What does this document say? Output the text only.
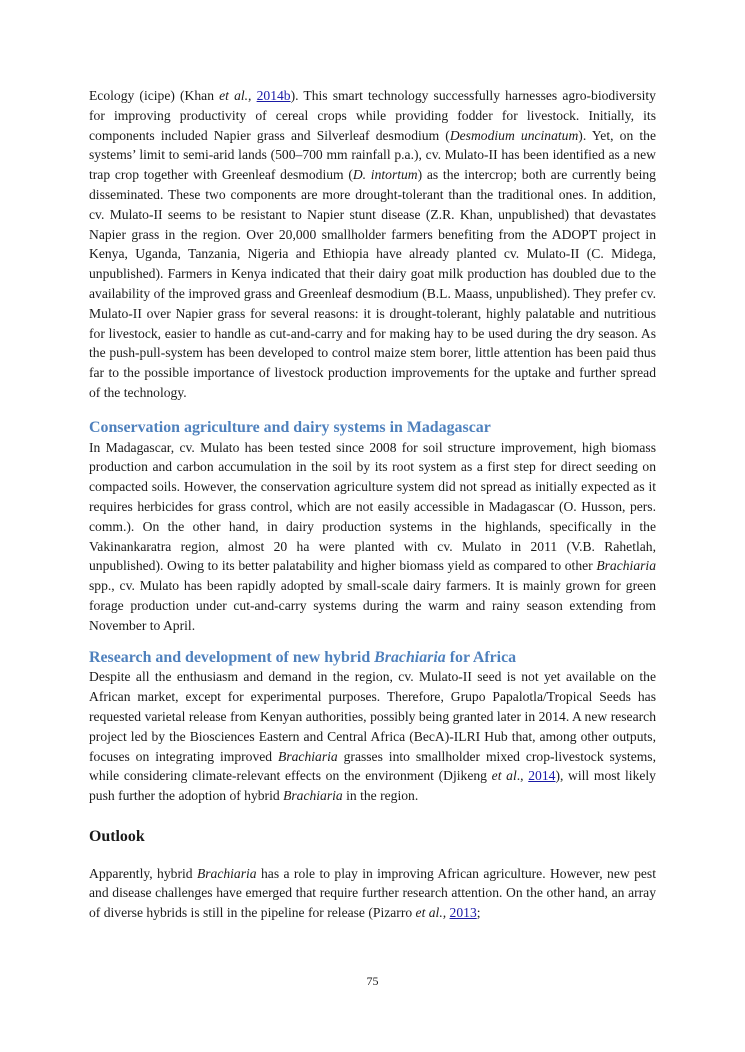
Ecology (icipe) (Khan et al., 2014b). This smart technology successfully harnesses agro-biodiversity for improving productivity of cereal crops while providing fodder for livestock. Initially, its components included Napier grass and Silverleaf desmodium (Desmodium uncinatum). Yet, on the systems’ limit to semi-arid lands (500–700 mm rainfall p.a.), cv. Mulato-II has been identified as a new trap crop together with Greenleaf desmodium (D. intortum) as the intercrop; both are currently being disseminated. These two components are more drought-tolerant than the traditional ones. In addition, cv. Mulato-II seems to be resistant to Napier stunt disease (Z.R. Khan, unpublished) that devastates Napier grass in the region. Over 20,000 smallholder farmers benefiting from the ADOPT project in Kenya, Uganda, Tanzania, Nigeria and Ethiopia have already planted cv. Mulato-II (C. Midega, unpublished). Farmers in Kenya indicated that their dairy goat milk production has doubled due to the availability of the improved grass and Greenleaf desmodium (B.L. Maass, unpublished). They prefer cv. Mulato-II over Napier grass for several reasons: it is drought-tolerant, highly palatable and nutritious for livestock, easier to handle as cut-and-carry and for making hay to be used during the dry season. As the push-pull-system has been developed to control maize stem borer, little attention has been paid thus far to the possible importance of livestock production improvements for the uptake and further spread of the technology.

Conservation agriculture and dairy systems in Madagascar

In Madagascar, cv. Mulato has been tested since 2008 for soil structure improvement, high biomass production and carbon accumulation in the soil by its root system as a first step for direct seeding on compacted soils. However, the conservation agriculture system did not spread as initially expected as it requires herbicides for grass control, which are not easily accessible in Madagascar (O. Husson, pers. comm.). On the other hand, in dairy production systems in the highlands, specifically in the Vakinankaratra region, almost 20 ha were planted with cv. Mulato in 2011 (V.B. Rahetlah, unpublished). Owing to its better palatability and higher biomass yield as compared to other Brachiaria spp., cv. Mulato has been rapidly adopted by small-scale dairy farmers. It is mainly grown for green forage production under cut-and-carry systems during the warm and rainy season extending from November to April.

Research and development of new hybrid Brachiaria for Africa

Despite all the enthusiasm and demand in the region, cv. Mulato-II seed is not yet available on the African market, except for experimental purposes. Therefore, Grupo Papalotla/Tropical Seeds has requested varietal release from Kenyan authorities, possibly being granted later in 2014. A new research project led by the Biosciences Eastern and Central Africa (BecA)-ILRI Hub that, among other outputs, focuses on integrating improved Brachiaria grasses into smallholder mixed crop-livestock systems, while considering climate-relevant effects on the environment (Djikeng et al., 2014), will most likely push further the adoption of hybrid Brachiaria in the region.

Outlook

Apparently, hybrid Brachiaria has a role to play in improving African agriculture. However, new pest and disease challenges have emerged that require further research attention. On the other hand, an array of diverse hybrids is still in the pipeline for release (Pizarro et al., 2013;

75
